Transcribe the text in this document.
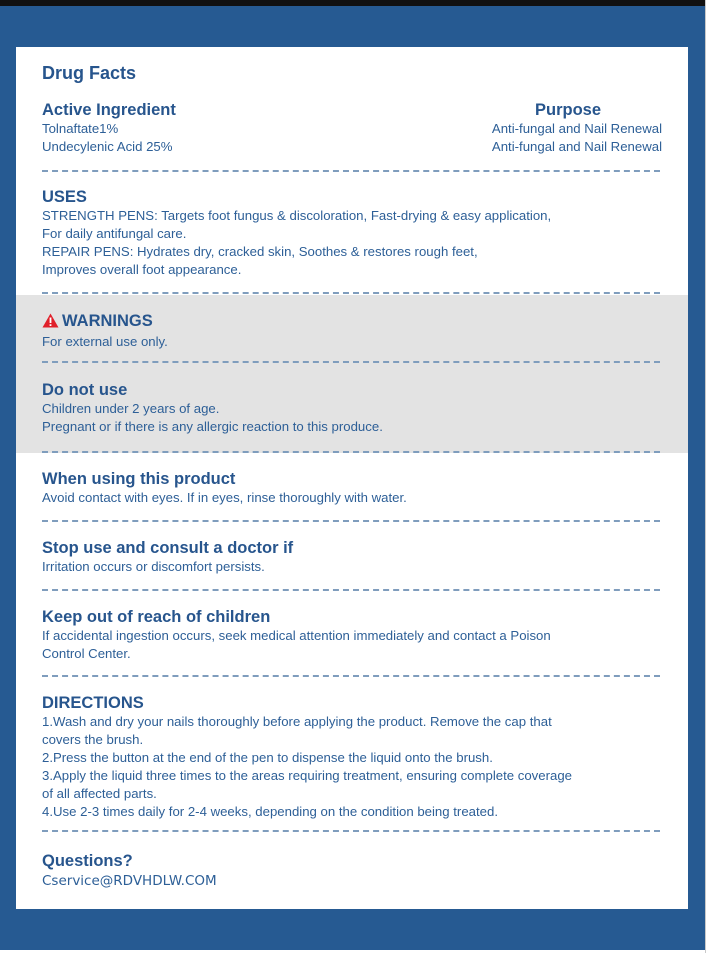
Drug Facts
Active Ingredient	Purpose
Tolnaftate1%	Anti-fungal and Nail Renewal
Undecylenic Acid 25%	Anti-fungal and Nail Renewal
USES
STRENGTH PENS: Targets foot fungus & discoloration, Fast-drying & easy application,
For daily antifungal care.
REPAIR PENS: Hydrates dry, cracked skin, Soothes & restores rough feet,
Improves overall foot appearance.
WARNINGS
For external use only.
Do not use
Children under 2 years of age.
Pregnant or if there is any allergic reaction to this produce.
When using this product
Avoid contact with eyes. If in eyes, rinse thoroughly with water.
Stop use and consult a doctor if
Irritation occurs or discomfort persists.
Keep out of reach of children
If accidental ingestion occurs, seek medical attention immediately and contact a Poison
Control Center.
DIRECTIONS
1.Wash and dry your nails thoroughly before applying the product. Remove the cap that
covers the brush.
2.Press the button at the end of the pen to dispense the liquid onto the brush.
3.Apply the liquid three times to the areas requiring treatment, ensuring complete coverage
of all affected parts.
4.Use 2-3 times daily for 2-4 weeks, depending on the condition being treated.
Questions?
Cservice@RDVHDLW.COM
